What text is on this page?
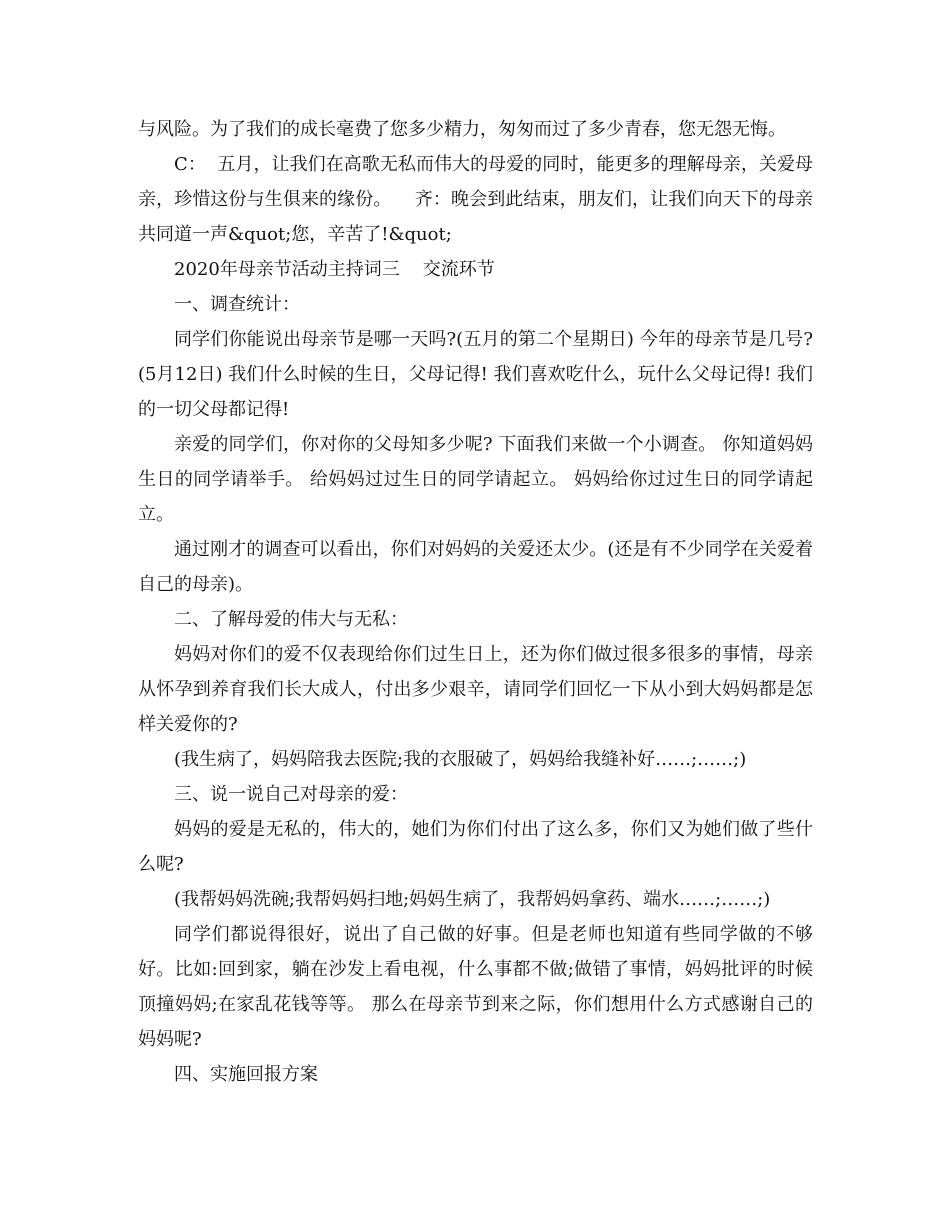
与风险。为了我们的成长毫费了您多少精力，匆匆而过了多少青春，您无怨无悔。

C：  五月，让我们在高歌无私而伟大的母爱的同时，能更多的理解母亲，关爱母亲，珍惜这份与生俱来的缘份。    齐：晚会到此结束，朋友们，让我们向天下的母亲共同道一声&quot;您，辛苦了!&quot;

2020年母亲节活动主持词三    交流环节

一、调查统计：

同学们你能说出母亲节是哪一天吗?(五月的第二个星期日) 今年的母亲节是几号?(5月12日) 我们什么时候的生日，父母记得! 我们喜欢吃什么，玩什么父母记得! 我们的一切父母都记得!

亲爱的同学们，你对你的父母知多少呢? 下面我们来做一个小调查。 你知道妈妈生日的同学请举手。 给妈妈过过生日的同学请起立。 妈妈给你过过生日的同学请起立。

通过刚才的调查可以看出，你们对妈妈的关爱还太少。(还是有不少同学在关爱着自己的母亲)。

二、了解母爱的伟大与无私：

妈妈对你们的爱不仅表现给你们过生日上，还为你们做过很多很多的事情，母亲从怀孕到养育我们长大成人，付出多少艰辛，请同学们回忆一下从小到大妈妈都是怎样关爱你的?

(我生病了，妈妈陪我去医院;我的衣服破了，妈妈给我缝补好……;……;)

三、说一说自己对母亲的爱：

妈妈的爱是无私的，伟大的，她们为你们付出了这么多，你们又为她们做了些什么呢?

(我帮妈妈洗碗;我帮妈妈扫地;妈妈生病了，我帮妈妈拿药、端水……;……;)

同学们都说得很好，说出了自己做的好事。但是老师也知道有些同学做的不够好。比如:回到家，躺在沙发上看电视，什么事都不做;做错了事情，妈妈批评的时候顶撞妈妈;在家乱花钱等等。 那么在母亲节到来之际，你们想用什么方式感谢自己的妈妈呢?

四、实施回报方案
